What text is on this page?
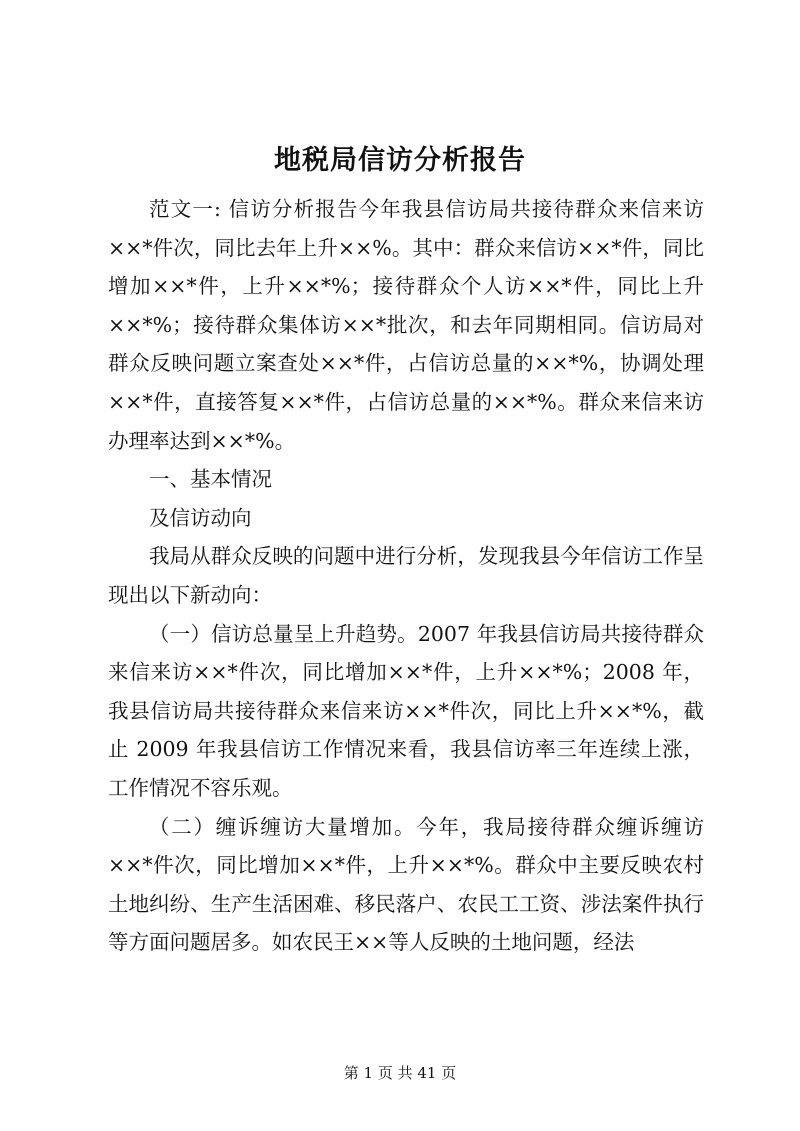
地税局信访分析报告

范文一: 信访分析报告今年我县信访局共接待群众来信来访××*件次，同比去年上升××%。其中：群众来信访××*件，同比增加××*件，上升××*%；接待群众个人访××*件，同比上升××*%；接待群众集体访××*批次，和去年同期相同。信访局对群众反映问题立案查处××*件，占信访总量的××*%，协调处理××*件，直接答复××*件，占信访总量的××*%。群众来信来访办理率达到××*%。

一、基本情况

及信访动向

我局从群众反映的问题中进行分析，发现我县今年信访工作呈现出以下新动向：

（一）信访总量呈上升趋势。2007 年我县信访局共接待群众来信来访××*件次，同比增加××*件，上升××*%；2008 年，我县信访局共接待群众来信来访××*件次，同比上升××*%，截止 2009 年我县信访工作情况来看，我县信访率三年连续上涨，工作情况不容乐观。

（二）缠诉缠访大量增加。今年，我局接待群众缠诉缠访××*件次，同比增加××*件，上升××*%。群众中主要反映农村土地纠纷、生产生活困难、移民落户、农民工工资、涉法案件执行等方面问题居多。如农民王××等人反映的土地问题，经法

第 1 页 共 41 页
